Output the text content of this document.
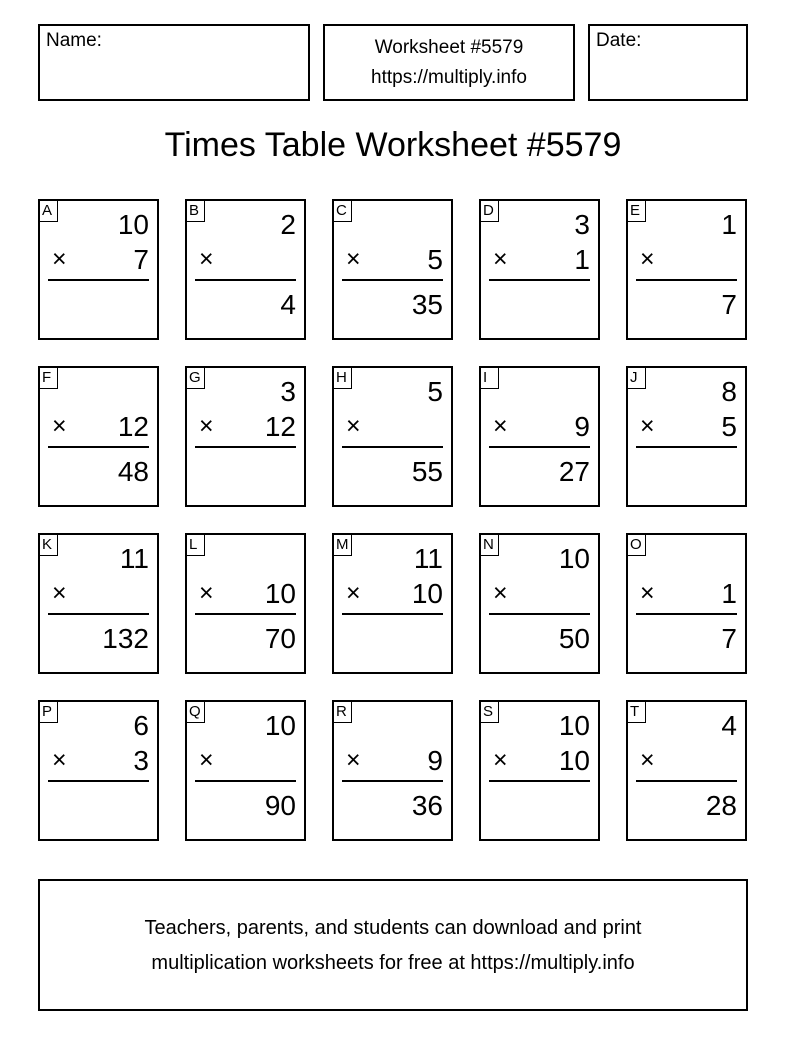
Name:	Worksheet #5579
https://multiply.info
Date:
Times Table Worksheet #5579
A 10
× 7
B	2
×
4
C
× 5
35
D	3
× 1
E	1
×
7
F
× 12
48
G	3
× 12
H	5
×
55
I
× 9
27
J	8
× 5
K 11
×
132
L
× 10
70
M 11
× 10
N 10
×
50
O
× 1
7
P	6
× 3
Q 10
×
90
R
× 9
36
S 10
× 10
T	4
×
28
Teachers, parents, and students can download and print
multiplication worksheets for free at https://multiply.info
